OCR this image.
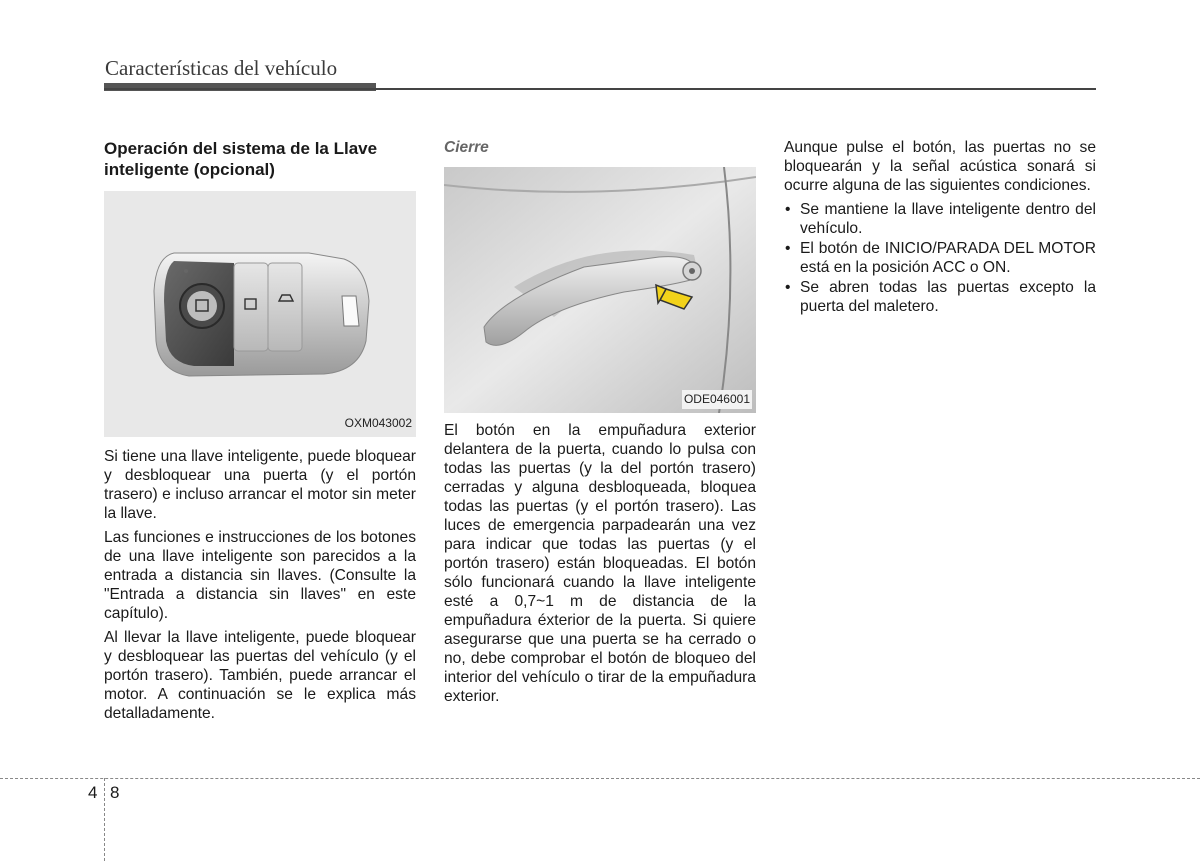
Características del vehículo
Operación del sistema de la Llave inteligente (opcional)
OXM043002

Si tiene una llave inteligente, puede bloquear y desbloquear una puerta (y el portón trasero) e incluso arrancar el motor sin meter la llave.

Las funciones e instrucciones de los botones de una llave inteligente son parecidos a la entrada a distancia sin llaves. (Consulte la "Entrada a distancia sin llaves" en este capítulo).

Al llevar la llave inteligente, puede bloquear y desbloquear las puertas del vehículo (y el portón trasero). También, puede arrancar el motor. A continuación se le explica más detalladamente.

Cierre
ODE046001

El botón en la empuñadura exterior delantera de la puerta, cuando lo pulsa con todas las puertas (y la del portón trasero) cerradas y alguna desbloqueada, bloquea todas las puertas (y el portón trasero). Las luces de emergencia parpadearán una vez para indicar que todas las puertas (y el portón trasero) están bloqueadas. El botón sólo funcionará cuando la llave inteligente esté a 0,7~1 m de distancia de la empuñadura éxterior de la puerta. Si quiere asegurarse que una puerta se ha cerrado o no, debe comprobar el botón de bloqueo del interior del vehículo o tirar de la empuñadura exterior.

Aunque pulse el botón, las puertas no se bloquearán y la señal acústica sonará si ocurre alguna de las siguientes condiciones.

• Se mantiene la llave inteligente dentro del vehículo.
• El botón de INICIO/PARADA DEL MOTOR está en la posición ACC o ON.
• Se abren todas las puertas excepto la puerta del maletero.
4 8
